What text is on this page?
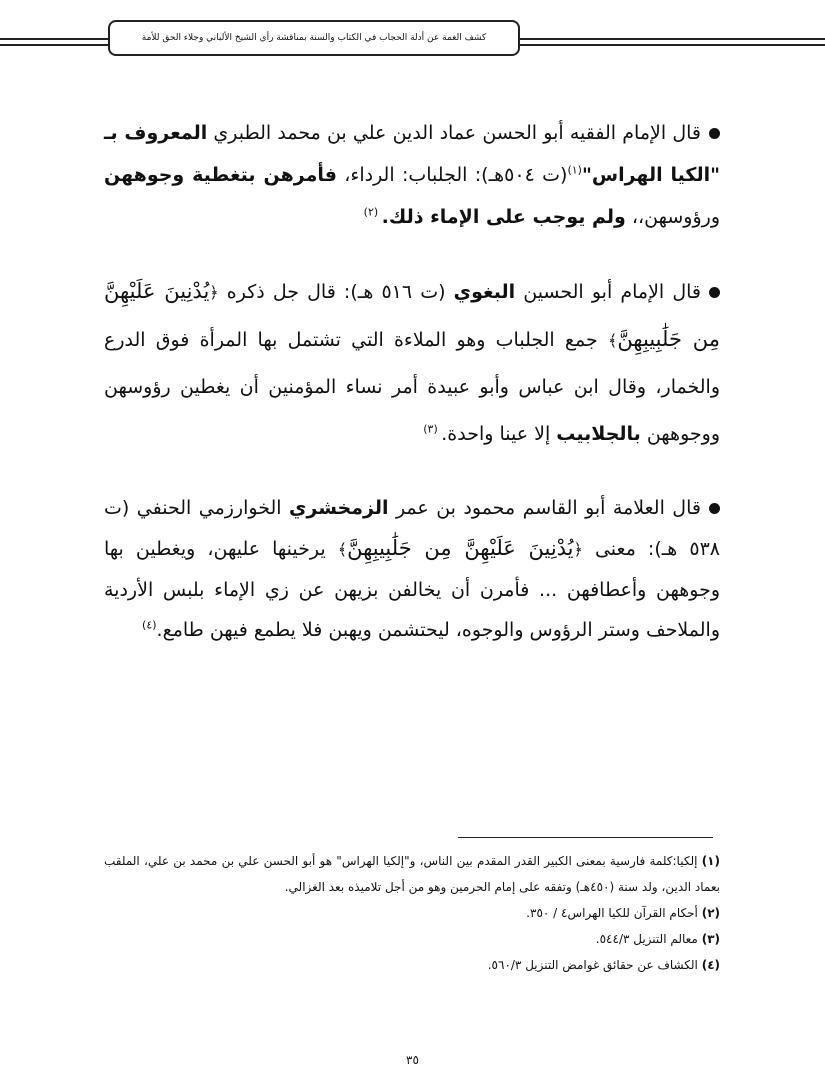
كشف الغمة عن أدلة الحجاب في الكتاب والسنة بمناقشة رأي الشيخ الألباني وجلاء الحق للأمة

قال الإمام الفقيه أبو الحسن عماد الدين علي بن محمد الطبري المعروف بـ "الكيا الهراس"$^{(١)}$(ت ٥٠٤هـ): الجلباب: الرداء، فأمرهن بتغطية وجوههن ورؤوسهن،، ولم يوجب على الإماء ذلك. $^{(٢)}$

قال الإمام أبو الحسين البغوي (ت ٥١٦ هـ): قال جل ذكره ﴿يُدْنِينَ عَلَيْهِنَّ مِن جَلَٰبِيبِهِنَّ﴾ جمع الجلباب وهو الملاءة التي تشتمل بها المرأة فوق الدرع والخمار، وقال ابن عباس وأبو عبيدة أمر نساء المؤمنين أن يغطين رؤوسهن ووجوههن بالجلابيب إلا عينا واحدة. $^{(٣)}$

قال العلامة أبو القاسم محمود بن عمر الزمخشري الخوارزمي الحنفي (ت ٥٣٨ هـ): معنى ﴿يُدْنِينَ عَلَيْهِنَّ مِن جَلَٰبِيبِهِنَّ﴾ يرخينها عليهن، ويغطين بها وجوههن وأعطافهن ... فأمرن أن يخالفن بزيهن عن زي الإماء بلبس الأردية والملاحف وستر الرؤوس والوجوه، ليحتشمن ويهبن فلا يطمع فيهن طامع.$^{(٤)}$

(١) إلكيا:كلمة فارسية بمعنى الكبير القدر المقدم بين الناس، و"إلكيا الهراس" هو أبو الحسن علي بن محمد بن علي، الملقب بعماد الدين، ولد سنة (٤٥٠هـ) وتفقه على إمام الحرمين وهو من أجل تلاميذه بعد الغزالي.

(٢) أحكام القرآن للكيا الهراس٤ / ٣٥٠.

(٣) معالم التنزيل ٥٤٤/٣.

(٤) الكشاف عن حقائق غوامض التنزيل ٥٦٠/٣.

٣٥
